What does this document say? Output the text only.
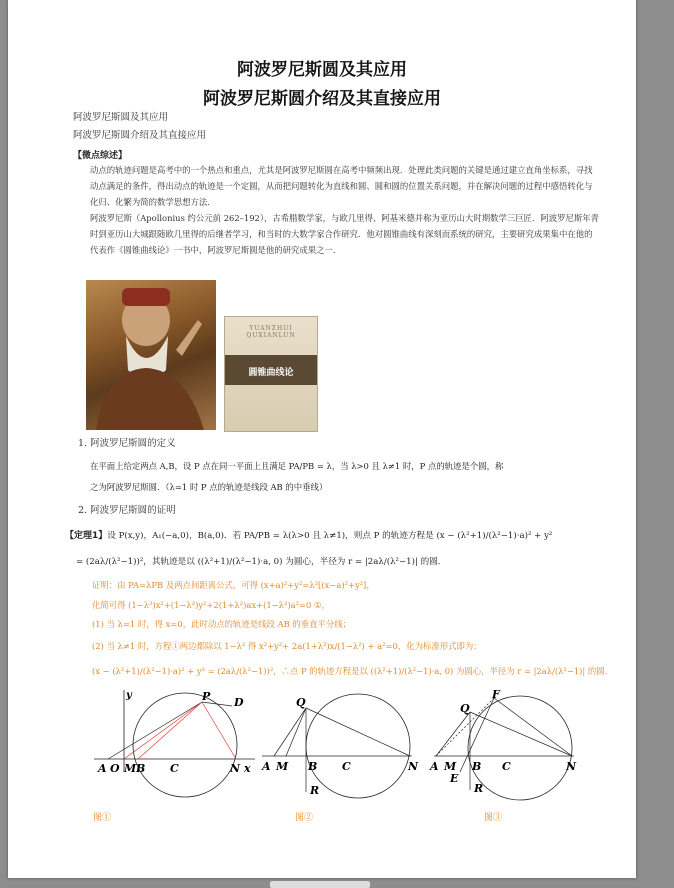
阿波罗尼斯圆及其应用
阿波罗尼斯圆介绍及其直接应用
阿波罗尼斯圆及其应用
阿波罗尼斯圆介绍及其直接应用
【微点综述】
动点的轨迹问题是高考中的一个热点和重点，尤其是阿波罗尼斯圆在高考中频频出现．处理此类问题的关键是通过建立直角坐标系，寻找动点满足的条件，得出动点的轨迹是一个定圆，从而把问题转化为直线和圆、圆和圆的位置关系问题，并在解决问题的过程中感悟转化与化归、化繁为简的数学思想方法．
阿波罗尼斯（Apollonius 约公元前 262–192），古希腊数学家，与欧几里得、阿基米德并称为亚历山大时期数学三巨匠．阿波罗尼斯年青时到亚历山大城跟随欧几里得的后继者学习，和当时的大数学家合作研究．他对圆锥曲线有深刻而系统的研究，主要研究成果集中在他的代表作《圆锥曲线论》一书中，阿波罗尼斯圆是他的研究成果之一．
YUANZHUI QUXIANLUN
圆锥曲线论
1. 阿波罗尼斯圆的定义
在平面上给定两点 A,B，设 P 点在同一平面上且满足 PA/PB = λ，当 λ>0 且 λ≠1 时，P 点的轨迹是个圆，称
之为阿波罗尼斯圆．（λ=1 时 P 点的轨迹是线段 AB 的中垂线）
2. 阿波罗尼斯圆的证明
【定理1】设 P(x,y)，A₁(−a,0)，B(a,0)．若 PA/PB = λ(λ>0 且 λ≠1)，则点 P 的轨迹方程是 (x − (λ²+1)/(λ²−1)·a)² + y²
= (2aλ/(λ²−1))²，其轨迹是以 ((λ²+1)/(λ²−1)·a, 0) 为圆心，半径为 r = |2aλ/(λ²−1)| 的圆．
证明：由 PA=λPB 及两点间距离公式，可得 (x+a)²+y²=λ²[(x−a)²+y²]，
化简可得 (1−λ²)x²+(1−λ²)y²+2(1+λ²)ax+(1−λ²)a²=0 ①，
(1) 当 λ=1 时，得 x=0，此时动点的轨迹是线段 AB 的垂直平分线；
(2) 当 λ≠1 时，方程①两边都除以 1−λ² 得 x²+y²+ 2a(1+λ²)x/(1−λ²) + a²=0，化为标准形式即为：
(x − (λ²+1)/(λ²−1)·a)² + y² = (2aλ/(λ²−1))²，∴点 P 的轨迹方程是以 ((λ²+1)/(λ²−1)·a, 0) 为圆心，半径为 r = |2aλ/(λ²−1)| 的圆．
y	P D
A O M B C	N x
Q
A M B C	N
R
F
Q
A M B C	N
E
R
图①	图②	图③
